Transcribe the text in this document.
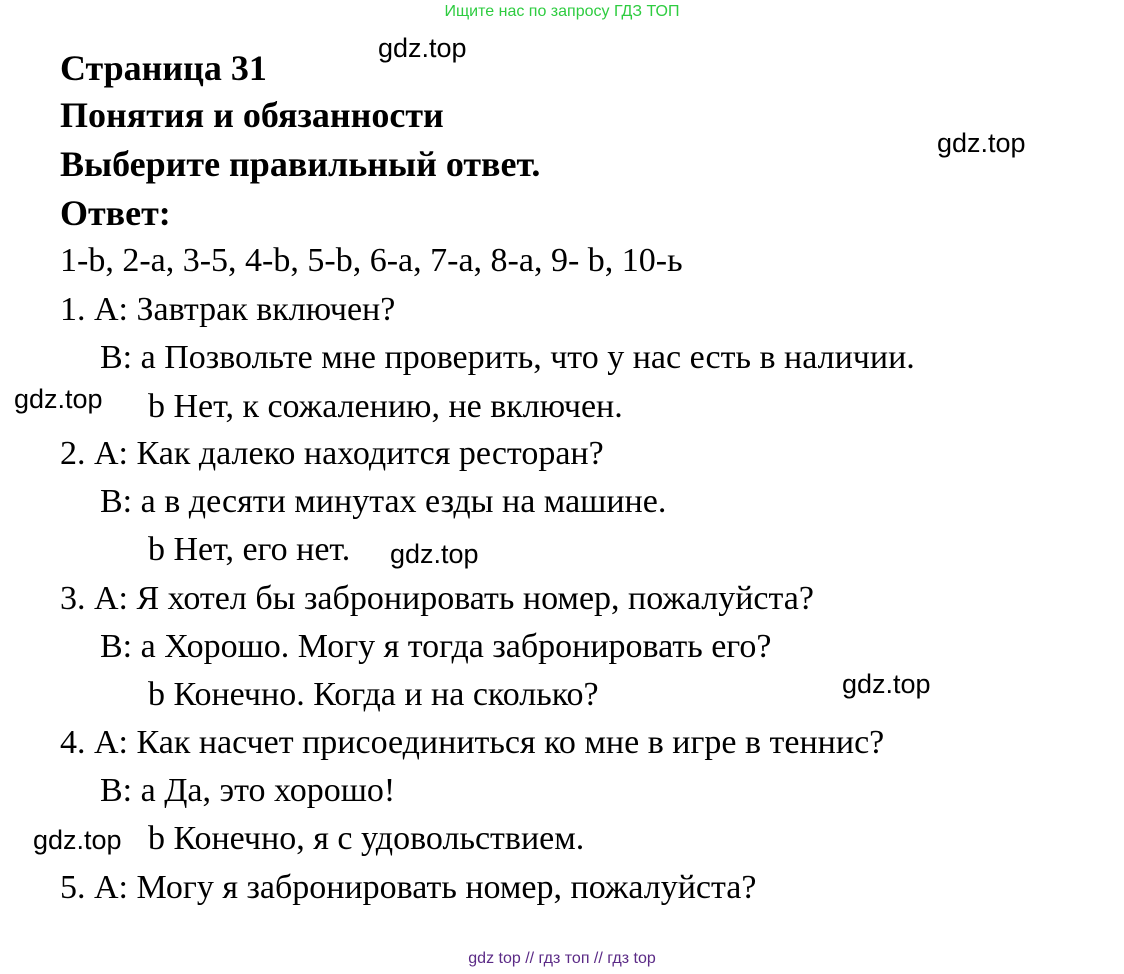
Ищите нас по запросу ГДЗ ТОП
Страница 31
Понятия и обязанности
Выберите правильный ответ.
Ответ:
1-b, 2-a, 3-5, 4-b, 5-b, 6-a, 7-a, 8-a, 9- b, 10-ь
1. А: Завтрак включен?
В: a Позвольте мне проверить, что у нас есть в наличии.
b Нет, к сожалению, не включен.
2. А: Как далеко находится ресторан?
В: a в десяти минутах езды на машине.
b Нет, его нет.
3. А: Я хотел бы забронировать номер, пожалуйста?
В: a Хорошо. Могу я тогда забронировать его?
b Конечно. Когда и на сколько?
4. А: Как насчет присоединиться ко мне в игре в теннис?
В: a Да, это хорошо!
b Конечно, я с удовольствием.
5. А: Могу я забронировать номер, пожалуйста?
gdz.top
gdz.top
gdz.top
gdz.top
gdz.top
gdz.top
gdz top // гдз топ // гдз top
